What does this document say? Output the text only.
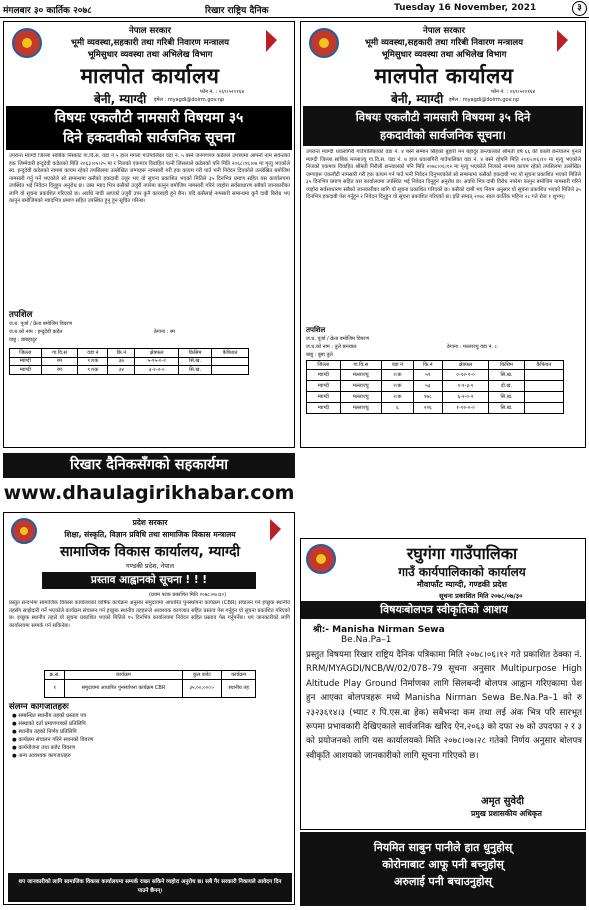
मंगलबार ३० कार्तिक २०७८	रिखार राष्ट्रिय दैनिक	Tuesday 16 November, 2021	३
नेपाल सरकार
भूमी व्यवस्था,सहकारी तथा गरिबी निवारण मन्त्रालय
भूमिसुधार व्यवस्था तथा अभिलेख विभाग
मालपोत कार्यालय
फोन नं. : ०६९।५२०१६४
इमेल : myagdi@dolrm.gov.np
बेनी, म्याग्दी
विषयः एकलौटी नामसारी विषयमा ३५
दिने हकदावीको सार्वजनिक सूचना
उपरान्त म्याग्दी जिल्ला साबिक निस्कोट गा.वि.स. वडा नं ५ हाल मंगला गाउँपालिका वडा नं. ५ बस्ने जनगणपत्र कडेलले उपत्रयमा आफ्नो नाम सर्वन्तको हक जिम्मेवारी इन्दुदेवी कडेलको मिति २०६३।०५।२५ मा र निजको एकमात्र विवाहित पत्नी जिसलाले कडेलको पनि मिति २०६८।०६।०७ मा मृत्यु भएकोले स्व. इन्दुदेवी कडेलको नाममा कायम रहेको तपसिलमा उल्लेखित जग्गाहरू नामसारी गरी हक कायम गरी पाउँ भनी निवेदन दिएकोले उल्लेखित बमोजिम नामसारी गर्नु पर्ने भएकोले सो सम्बन्धमा कसैको हकदाबी उजुर भए यो सूचना प्रकाशित भएको मितिले ३५ दिनभित्र प्रमाण सहित यस कार्यालयमा उपस्थित भई निवेदन दिनुहुन अनुरोध छ। उक्त म्याद भित्र कसैको उजुरी नपरेमा कानुन बमोजिम नामसारी गरिने व्यहोरा सर्वसाधारण सबैको जानकारीका लागि यो सूचना प्रकाशित गरिएको छ। अवधि नाघी आएको उजुरी उपर कुनै कारबाही हुने छैन। यदि कसैलाई नामसारी सम्बन्धमा कुनै दाबी बिरोध भए कानुन बमोजिमको म्यादभित्र प्रमाण सहित उपस्थित हुनु हुन सूचित गरिन्छ।
तपशिल
ज.ध. पूर्जा / क्रेता बमोजिम विवरण
ज.ध.को नाम : इन्दुदेवी कडेल	ठेगाना : स्म
वाबु : ज्ञाबहादुर
जिल्ला	गा.वि.स	वडा नं	कि.नं	क्षेत्रफल	किसिम	कैफियत
म्याग्दी	रम	९।१क	३७	५-१५-०-२	सि.ख.	
म्याग्दी	रम	९।१क	३४	३-२-२-०	सि.ख.	
नेपाल सरकार
भूमी व्यवस्था,सहकारी तथा गरिबी निवारण मन्त्रालय
भूमिसुधार व्यवस्था तथा अभिलेख विभाग
मालपोत कार्यालय
फोन नं. : ०६९।५२०१६४
इमेल : myagdi@dolrm.gov.np
बेनी, म्याग्दी
विषयः एकलौटी नामसारी विषयमा ३५ दिने
हकदावीको सार्वजनिक सूचना।
उपरान्त म्याग्दी धवलागिरी गाउँपालिकाको वडा नं. ४ बस्ने सम्मान सिंहको बुहारी मन बहादुर छन्त्यालको श्रीमती वर्ष ६६ की काली छन्त्यालन पुनले म्याग्दी जिल्ला साबिक मल्लाज्यु गा.वि.स. वडा नं. ७ हाल धवलागिरी गाउँपालिका वडा नं. ४ बस्ने रहेपनि मिति २०६५।०६।१० मा मृत्यु भएकोले निजको एकमात्र विवाहित श्रीमती निरौली छन्त्यालको पनि मिति २०७८।०६।१२ मा मृत्यु भएकोले निजको नाममा कायम रहेको तपसिलमा उल्लेखित जग्गाहरू एकलौटी नामसारी गरी हक कायम गर्न पाउँ भनी निवेदन दिनुभएकोले सो सम्बन्धमा कसैको हकदाबी भए यो सूचना प्रकाशित भएको मितिले ३५ दिनभित्र प्रमाण सहित यस कार्यालयमा उपस्थित भई निवेदन दिनुहुन अनुरोध छ। अवधि भित्र दाबी विरोध नपरेमा कानुन बमोजिम नामसारी गरिने व्यहोरा सर्वसाधारण सबैको जानकारीका लागि यो सूचना प्रकाशित गरिएको छ। कसैको दाबी भए नियम अनुसार यो सूचना प्रकाशित भएको मितिले ३५ दिनभित्र हकदाबी पेस गर्नुहुन र निवेदन दिनुहुन यो सूचना प्रकाशित गरिएको छ। इति सम्वत् २०७८ साल कार्तिक महिना २८ गते रोज १ शुभम्।
तपशिल
ज.ध. पूर्जा / क्रेता बमोजिम विवरण
ज.ध.को नाम : तुले छन्त्याल	ठेगाना : मल्लाज्यु वडा नं. ८
बाबु : बुबा तुले
जिल्ला	गा.वि.स	वडा नं	कि.नं	क्षेत्रफल	किसिम	कैफियत
म्याग्दी	मल्लाज्यु	२।क	५२	०-१२-२-०	सि.ख.	
म्याग्दी	मल्लाज्यु	२।क	५३	१-१-३-१	दो.ख.	
म्याग्दी	मल्लाज्यु	२।क	१७८	६-२-०-२	सि.ख.	
म्याग्दी	मल्लाज्यु	६	२२६	१-१२-०-०	सि.ख.	
रिखार दैनिकसँगको सहकार्यमा
www.dhaulagirikhabar.com
प्रदेश सरकार
शिक्षा, संस्कृति, विज्ञान प्रविधि तथा सामाजिक विकास मन्त्रालय
सामाजिक विकास कार्यालय, म्याग्दी
गण्डकी प्रदेश, नेपाल
प्रस्ताव आह्वानको सूचना ! ! !
(प्रथम पटक प्रकाशित मिति २०७८।०७।३०)
प्रस्तुत सन्दर्भमा सामाजिक विकास कार्यालयको वार्षिक कार्यक्रम अनुसार समुदायमा आधारित पुनर्स्थापना कार्यक्रम (CBR) संचालन गर्न इच्छुक स्थानीय तहसँग साझेदारी गर्ने भएकोले कार्यक्रम संचालन गर्न इच्छुक स्थानीय तहहरूले आवश्यक कागजात सहित प्रस्ताव पेस गर्नुहुन यो सूचना प्रकाशित गरिएको छ। इच्छुक स्थानीय तहले यो सूचना प्रकाशित भएको मितिले १५ दिनभित्र कार्यालयमा निवेदन सहित प्रस्ताव पेस गर्नुपर्नेछ। थप जानकारीको लागि कार्यालयमा सम्पर्क गर्न सकिनेछ।
क्र.स.	कार्यक्रम	कुल बजेट	कार्यक्रम
१	समुदायमा आधारित पुनर्स्थापना कार्यक्रम CBR	३५,००,०००।-	स्थानीय तह
संलग्न कागजातहरुः
● सम्बन्धित स्थानीय तहको प्रस्ताव पत्र
● संस्थाको दर्ता प्रमाणपत्रको प्रतिलिपि
● स्थानीय तहको निर्णय प्रतिलिपि
● कार्यक्रम संचालन गरिने स्थानको विवरण
● कार्ययोजना तथा बजेट विवरण
● अन्य आवश्यक कागजातहरु
थप जानकारीको लागि सामाजिक विकास कार्यालयमा सम्पर्क राख्न सकिने व्यहोरा अनुरोध छ। सबै गैर सरकारी निकायले आवेदन दिन पाउने छैनन्।
रघुगंगा गाउँपालिका
गाउँ कार्यपालिकाको कार्यालय
मौवाफाँट म्याग्दी, गण्डकी प्रदेश
सूचना प्रकाशित मिति २०७८/०७/३०
विषयःबोलपत्र स्वीकृतिको आशय
श्री:- Manisha Nirman Sewa
Be.Na.Pa–1
प्रस्तुत विषयमा रिखार राष्ट्रिय दैनिक पत्रिकामा मिति २०७८।०६।१२ गते प्रकाशित ठेक्का नं. RRM/MYAGDI/NCB/W/02/078–79 सूचना अनुसार Multipurpose High Altitude Play Ground निर्माणका लागि सिलबन्दी बोलपत्र आह्वान गरिएकामा पेश हुन आएका बोलपत्रहरू मध्ये Manisha Nirman Sewa Be.Na.Pa–1 को रु २३२३६१४।३ (भ्याट र पि.एस.बा हेक) सबैभन्दा कम तथा लई अंक भित्र परि सारभूत रूपमा प्रभावकारी देखिएकाले सार्वजनिक खरिद ऐन,२०६३ को दफा २७ को उपदफा २ र ३ को प्रयोजनको लागि यस कार्यालयको मिति २०७८।०७।२८ गतेको निर्णय अनुसार बोलपत्र स्वीकृति आशयको जानकारीको लागि सूचना गरिएको छ।
अमृत सुवेदी
प्रमुख प्रशासकीय अधिकृत
नियमित साबुन पानीले हात धुनुहोस्
कोरोनाबाट आफू पनी बच्नुहोस्
अरुलाई पनी बचाउनुहोस्
